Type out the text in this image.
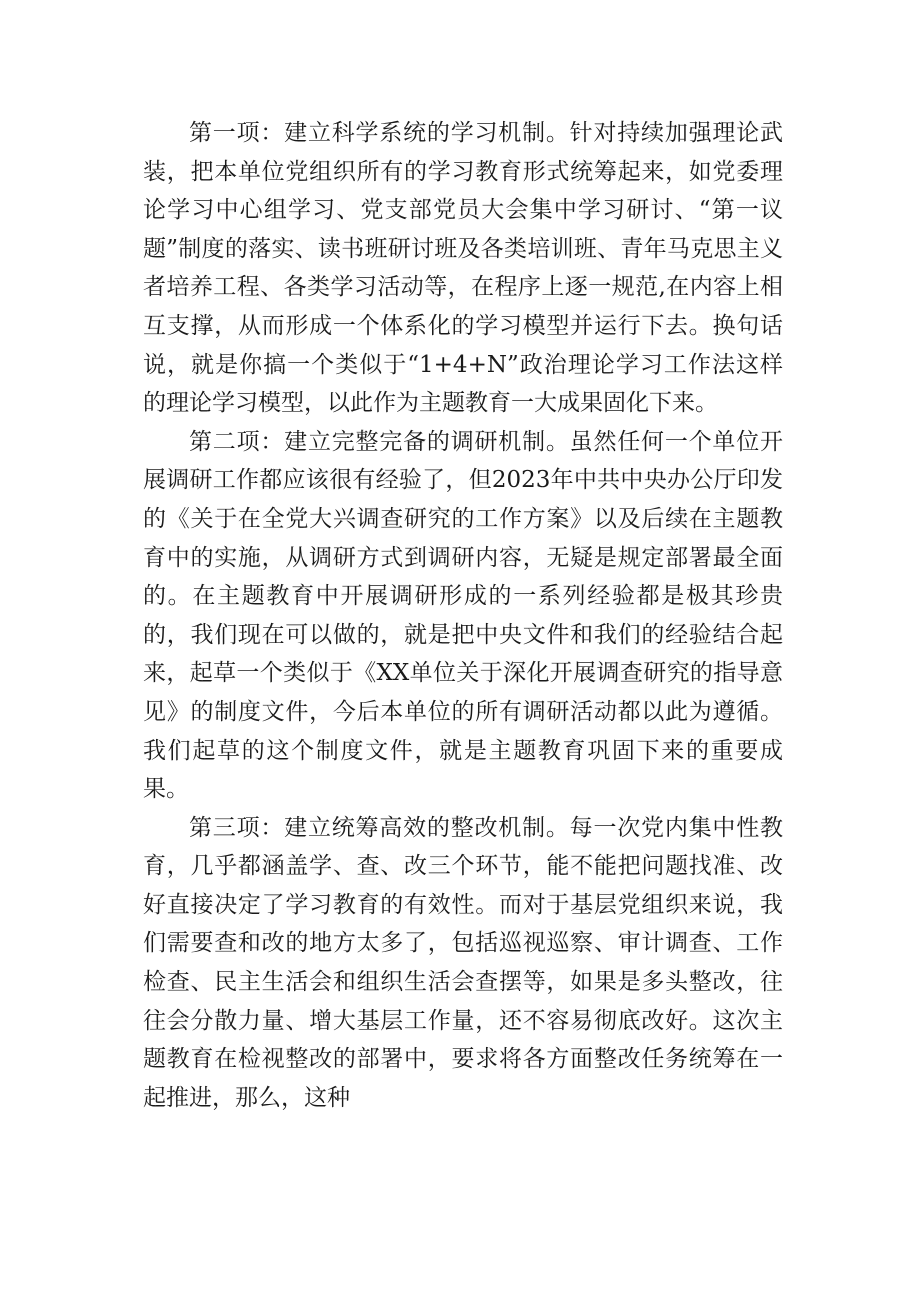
第一项：建立科学系统的学习机制。针对持续加强理论武装，把本单位党组织所有的学习教育形式统筹起来，如党委理论学习中心组学习、党支部党员大会集中学习研讨、“第一议题”制度的落实、读书班研讨班及各类培训班、青年马克思主义者培养工程、各类学习活动等，在程序上逐一规范,在内容上相互支撑，从而形成一个体系化的学习模型并运行下去。换句话说，就是你搞一个类似于“1+4+N”政治理论学习工作法这样的理论学习模型，以此作为主题教育一大成果固化下来。

第二项：建立完整完备的调研机制。虽然任何一个单位开展调研工作都应该很有经验了，但2023年中共中央办公厅印发的《关于在全党大兴调查研究的工作方案》以及后续在主题教育中的实施，从调研方式到调研内容，无疑是规定部署最全面的。在主题教育中开展调研形成的一系列经验都是极其珍贵的，我们现在可以做的，就是把中央文件和我们的经验结合起来，起草一个类似于《XX单位关于深化开展调查研究的指导意见》的制度文件，今后本单位的所有调研活动都以此为遵循。我们起草的这个制度文件，就是主题教育巩固下来的重要成果。

第三项：建立统筹高效的整改机制。每一次党内集中性教育，几乎都涵盖学、查、改三个环节，能不能把问题找准、改好直接决定了学习教育的有效性。而对于基层党组织来说，我们需要查和改的地方太多了，包括巡视巡察、审计调查、工作检查、民主生活会和组织生活会查摆等，如果是多头整改，往往会分散力量、增大基层工作量，还不容易彻底改好。这次主题教育在检视整改的部署中，要求将各方面整改任务统筹在一起推进，那么，这种
